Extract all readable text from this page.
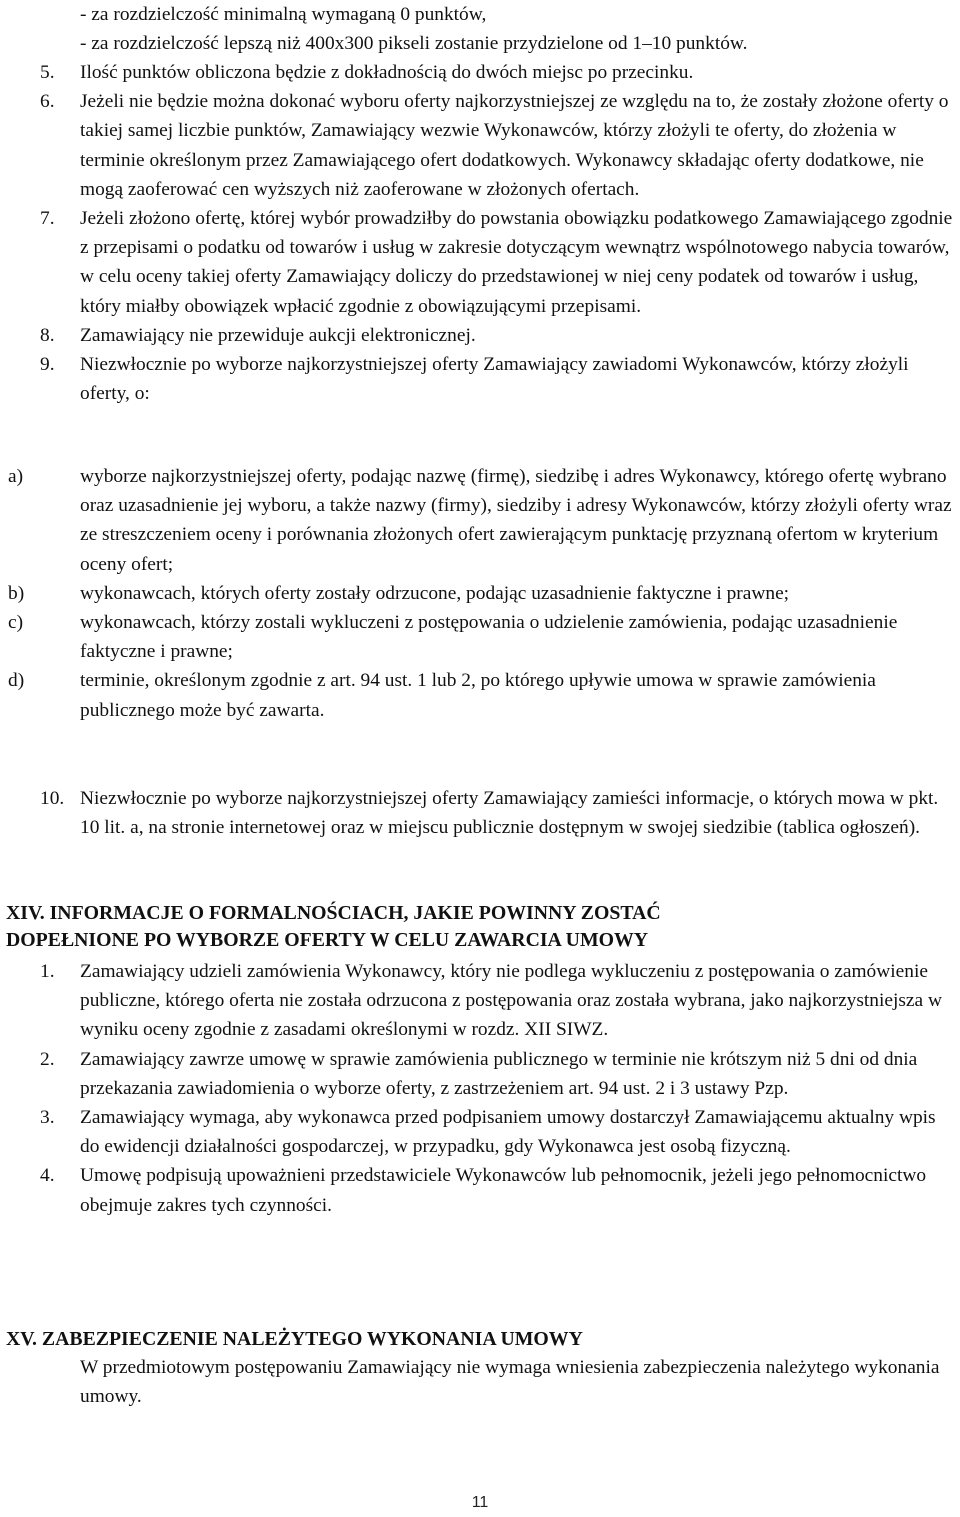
- za rozdzielczość minimalną wymaganą 0 punktów,
- za rozdzielczość lepszą niż 400x300 pikseli zostanie przydzielone od 1–10 punktów.
5.	Ilość punktów obliczona będzie z dokładnością do dwóch miejsc po przecinku.
6.	Jeżeli nie będzie można dokonać wyboru oferty najkorzystniejszej ze względu na to, że zostały złożone oferty o takiej samej liczbie punktów, Zamawiający wezwie Wykonawców, którzy złożyli te oferty, do złożenia w terminie określonym przez Zamawiającego ofert dodatkowych. Wykonawcy składając oferty dodatkowe, nie mogą zaoferować cen wyższych niż zaoferowane w złożonych ofertach.
7.	Jeżeli złożono ofertę, której wybór prowadziłby do powstania obowiązku podatkowego Zamawiającego zgodnie z przepisami o podatku od towarów i usług w zakresie dotyczącym wewnątrz wspólnotowego nabycia towarów, w celu oceny takiej oferty Zamawiający doliczy do przedstawionej w niej ceny podatek od towarów i usług, który miałby obowiązek wpłacić zgodnie z obowiązującymi przepisami.
8.	Zamawiający nie przewiduje aukcji elektronicznej.
9.	Niezwłocznie po wyborze najkorzystniejszej oferty Zamawiający zawiadomi Wykonawców, którzy złożyli oferty, o:
a)	wyborze najkorzystniejszej oferty, podając nazwę (firmę), siedzibę i adres Wykonawcy, którego ofertę wybrano oraz uzasadnienie jej wyboru, a także nazwy (firmy), siedziby i adresy Wykonawców, którzy złożyli oferty wraz ze streszczeniem oceny i porównania złożonych ofert zawierającym punktację przyznaną ofertom w kryterium oceny ofert;
b)	wykonawcach, których oferty zostały odrzucone, podając uzasadnienie faktyczne i prawne;
c)	wykonawcach, którzy zostali wykluczeni z postępowania o udzielenie zamówienia, podając uzasadnienie faktyczne i prawne;
d)	terminie, określonym zgodnie z art. 94 ust. 1 lub 2, po którego upływie umowa w sprawie zamówienia publicznego może być zawarta.
10. Niezwłocznie po wyborze najkorzystniejszej oferty Zamawiający zamieści informacje, o których mowa w pkt. 10 lit. a, na stronie internetowej oraz w miejscu publicznie dostępnym w swojej siedzibie (tablica ogłoszeń).
XIV. INFORMACJE O FORMALNOŚCIACH, JAKIE POWINNY ZOSTAĆ
DOPEŁNIONE PO WYBORZE OFERTY W CELU ZAWARCIA UMOWY
1.	Zamawiający udzieli zamówienia Wykonawcy, który nie podlega wykluczeniu z postępowania o zamówienie publiczne, którego oferta nie została odrzucona z postępowania oraz została wybrana, jako najkorzystniejsza w wyniku oceny zgodnie z zasadami określonymi w rozdz. XII SIWZ.
2.	Zamawiający zawrze umowę w sprawie zamówienia publicznego w terminie nie krótszym niż 5 dni od dnia przekazania zawiadomienia o wyborze oferty, z zastrzeżeniem art. 94 ust. 2 i 3 ustawy Pzp.
3.	Zamawiający wymaga, aby wykonawca przed podpisaniem umowy dostarczył Zamawiającemu aktualny wpis do ewidencji działalności gospodarczej, w przypadku, gdy Wykonawca jest osobą fizyczną.
4.	Umowę podpisują upoważnieni przedstawiciele Wykonawców lub pełnomocnik, jeżeli jego pełnomocnictwo obejmuje zakres tych czynności.
XV. ZABEZPIECZENIE NALEŻYTEGO WYKONANIA UMOWY
W przedmiotowym postępowaniu Zamawiający nie wymaga wniesienia zabezpieczenia należytego wykonania umowy.
11
